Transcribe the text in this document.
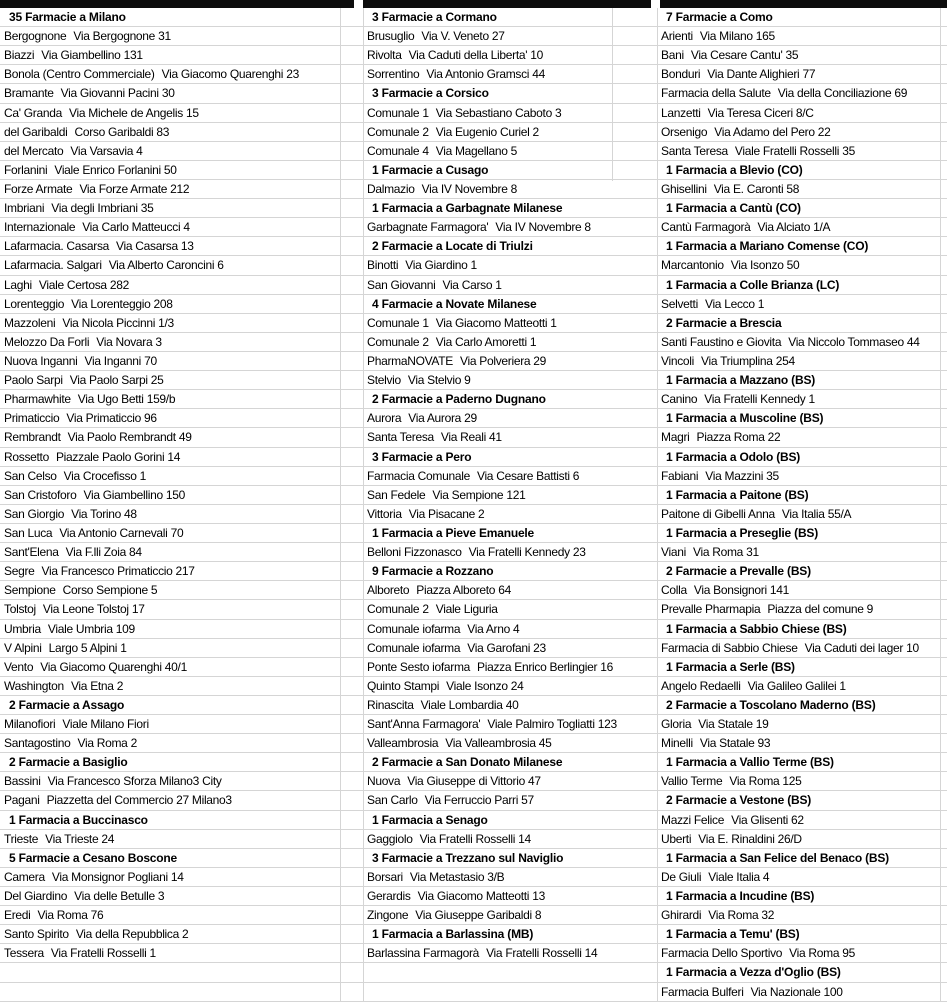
35 Farmacie a Milano
Bergognone Via Bergognone 31
Biazzi Via Giambellino 131
Bonola (Centro Commerciale) Via Giacomo Quarenghi 23
Bramante Via Giovanni Pacini 30
Ca' Granda Via Michele de Angelis 15
del Garibaldi Corso Garibaldi 83
del Mercato Via Varsavia 4
Forlanini Viale Enrico Forlanini 50
Forze Armate Via Forze Armate 212
Imbriani Via degli Imbriani 35
Internazionale Via Carlo Matteucci 4
Lafarmacia. Casarsa Via Casarsa 13
Lafarmacia. Salgari Via Alberto Caroncini 6
Laghi Viale Certosa 282
Lorenteggio Via Lorenteggio 208
Mazzoleni Via Nicola Piccinni 1/3
Melozzo Da Forli Via Novara 3
Nuova Inganni Via Inganni 70
Paolo Sarpi Via Paolo Sarpi 25
Pharmawhite Via Ugo Betti 159/b
Primaticcio Via Primaticcio 96
Rembrandt Via Paolo Rembrandt 49
Rossetto Piazzale Paolo Gorini 14
San Celso Via Crocefisso 1
San Cristoforo Via Giambellino 150
San Giorgio Via Torino 48
San Luca Via Antonio Carnevali 70
Sant'Elena Via F.lli Zoia 84
Segre Via Francesco Primaticcio 217
Sempione Corso Sempione 5
Tolstoj Via Leone Tolstoj 17
Umbria Viale Umbria 109
V Alpini Largo 5 Alpini 1
Vento Via Giacomo Quarenghi 40/1
Washington Via Etna 2
2 Farmacie a Assago
Milanofiori Viale Milano Fiori
Santagostino Via Roma 2
2 Farmacie a Basiglio
Bassini Via Francesco Sforza Milano3 City
Pagani Piazzetta del Commercio 27 Milano3
1 Farmacia a Buccinasco
Trieste Via Trieste 24
5 Farmacie a Cesano Boscone
Camera Via Monsignor Pogliani 14
Del Giardino Via delle Betulle 3
Eredi Via Roma 76
Santo Spirito Via della Repubblica 2
Tessera Via Fratelli Rosselli 1
3 Farmacie a Cormano
Brusuglio Via V. Veneto 27
Rivolta Via Caduti della Liberta' 10
Sorrentino Via Antonio Gramsci 44
3 Farmacie a Corsico
Comunale 1 Via Sebastiano Caboto 3
Comunale 2 Via Eugenio Curiel 2
Comunale 4 Via Magellano 5
1 Farmacie a Cusago
Dalmazio Via IV Novembre 8
1 Farmacia a Garbagnate Milanese
Garbagnate Farmagora' Via IV Novembre 8
2 Farmacie a Locate di Triulzi
Binotti Via Giardino 1
San Giovanni Via Carso 1
4 Farmacie a Novate Milanese
Comunale 1 Via Giacomo Matteotti 1
Comunale 2 Via Carlo Amoretti 1
PharmaNOVATE Via Polveriera 29
Stelvio Via Stelvio 9
2 Farmacie a Paderno Dugnano
Aurora Via Aurora 29
Santa Teresa Via Reali 41
3 Farmacie a Pero
Farmacia Comunale Via Cesare Battisti 6
San Fedele Via Sempione 121
Vittoria Via Pisacane 2
1 Farmacia a Pieve Emanuele
Belloni Fizzonasco Via Fratelli Kennedy 23
9 Farmacie a Rozzano
Alboreto Piazza Alboreto 64
Comunale 2 Viale Liguria
Comunale iofarma Via Arno 4
Comunale iofarma Via Garofani 23
Ponte Sesto iofarma Piazza Enrico Berlingier 16
Quinto Stampi Viale Isonzo 24
Rinascita Viale Lombardia 40
Sant'Anna Farmagora' Viale Palmiro Togliatti 123
Valleambrosia Via Valleambrosia 45
2 Farmacie a San Donato Milanese
Nuova Via Giuseppe di Vittorio 47
San Carlo Via Ferruccio Parri 57
1 Farmacia a Senago
Gaggiolo Via Fratelli Rosselli 14
3 Farmacie a Trezzano sul Naviglio
Borsari Via Metastasio 3/B
Gerardis Via Giacomo Matteotti 13
Zingone Via Giuseppe Garibaldi 8
1 Farmacia a Barlassina (MB)
Barlassina Farmagorà Via Fratelli Rosselli 14
7 Farmacie a Como
Arienti Via Milano 165
Bani Via Cesare Cantu' 35
Bonduri Via Dante Alighieri 77
Farmacia della Salute Via della Conciliazione 69
Lanzetti Via Teresa Ciceri 8/C
Orsenigo Via Adamo del Pero 22
Santa Teresa Viale Fratelli Rosselli 35
1 Farmacia a Blevio (CO)
Ghisellini Via E. Caronti 58
1 Farmacia a Cantù (CO)
Cantù Farmagorà Via Alciato 1/A
1 Farmacia a Mariano Comense (CO)
Marcantonio Via Isonzo 50
1 Farmacia a Colle Brianza (LC)
Selvetti Via Lecco 1
2 Farmacie a Brescia
Santi Faustino e Giovita Via Niccolo Tommaseo 44
Vincoli Via Triumplina 254
1 Farmacia a Mazzano (BS)
Canino Via Fratelli Kennedy 1
1 Farmacia a Muscoline (BS)
Magri Piazza Roma 22
1 Farmacia a Odolo (BS)
Fabiani Via Mazzini 35
1 Farmacia a Paitone (BS)
Paitone di Gibelli Anna Via Italia 55/A
1 Farmacia a Preseglie (BS)
Viani Via Roma 31
2 Farmacie a Prevalle (BS)
Colla Via Bonsignori 141
Prevalle Pharmapia Piazza del comune 9
1 Farmacia a Sabbio Chiese (BS)
Farmacia di Sabbio Chiese Via Caduti dei lager 10
1 Farmacia a Serle (BS)
Angelo Redaelli Via Galileo Galilei 1
2 Farmacie a Toscolano Maderno (BS)
Gloria Via Statale 19
Minelli Via Statale 93
1 Farmacia a Vallio Terme (BS)
Vallio Terme Via Roma 125
2 Farmacie a Vestone (BS)
Mazzi Felice Via Glisenti 62
Uberti Via E. Rinaldini 26/D
1 Farmacia a San Felice del Benaco (BS)
De Giuli Viale Italia 4
1 Farmacia a Incudine (BS)
Ghirardi Via Roma 32
1 Farmacia a Temu' (BS)
Farmacia Dello Sportivo Via Roma 95
1 Farmacia a Vezza d'Oglio (BS)
Farmacia Bulferi Via Nazionale 100
